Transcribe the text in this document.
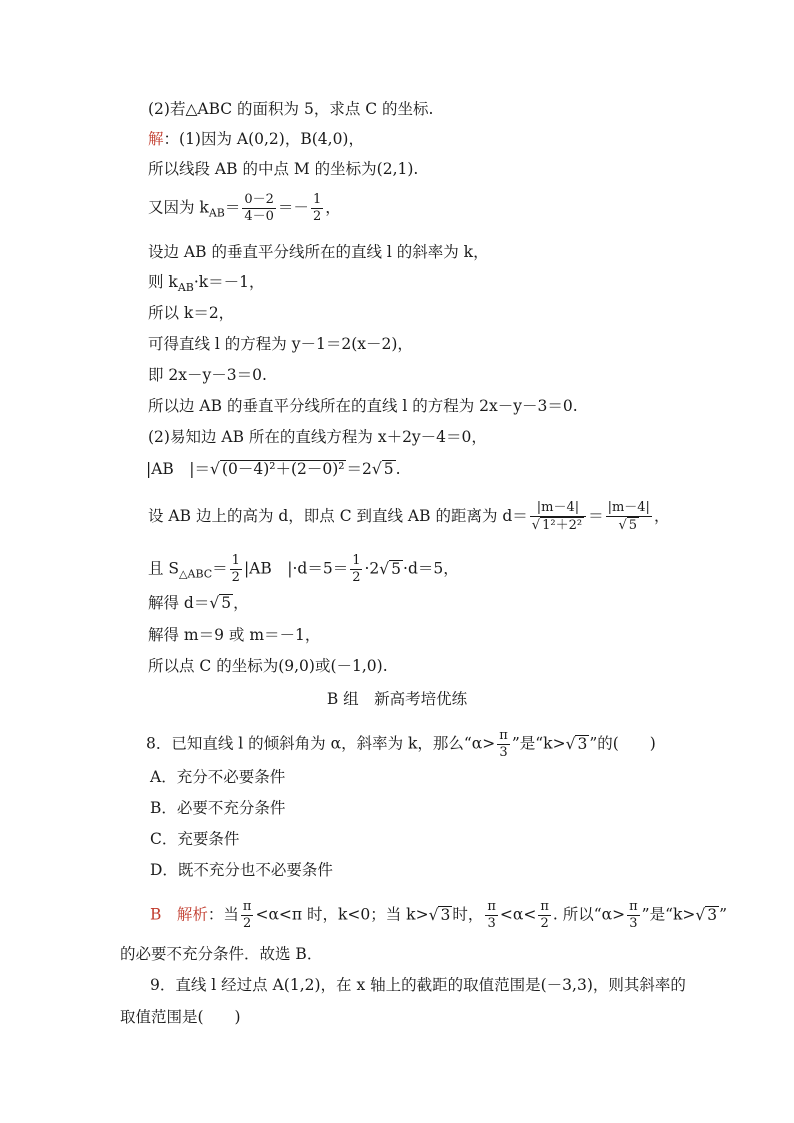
(2)若△ABC 的面积为 5，求点 C 的坐标.
解：(1)因为 A(0,2)，B(4,0)，
所以线段 AB 的中点 M 的坐标为(2,1).
又因为 $k_{AB}= \frac{0-2}{4-0} =- \frac{1}{2}$ ，
设边 AB 的垂直平分线所在的直线 l 的斜率为 k，
则 $k_{AB}\cdot k=-1$，
所以 k＝2，
可得直线 l 的方程为 y－1＝2(x－2)，
即 2x－y－3＝0.
所以边 AB 的垂直平分线所在的直线 l 的方程为 2x－y－3＝0.
(2)易知边 AB 所在的直线方程为 x＋2y－4＝0，
|AB　|＝√ (0－4)²＋(2－0)² ＝2√ 5 .
设 AB 边上的高为 d，即点 C 到直线 AB 的距离为 $d= \frac{|m-4|}{\text{√ 1²＋2²}} = \frac{|m-4|}{√ 5}$ ，
且 $S_{\triangle ABC}= \frac{1}{2} |AB$　$|\cdot d=5= \frac{1}{2} \cdot 2√$ 5 ·d＝5，
解得 d＝√ 5 ，
解得 m＝9 或 m＝－1，
所以点 C 的坐标为(9,0)或(－1,0).
B 组　新高考培优练
8．已知直线 l 的倾斜角为 α，斜率为 k，那么“$\alpha> \frac{\pi}{3}$ ”是“k>√ 3 ”的(　　)
A．充分不必要条件
B．必要不充分条件
C．充要条件
D．既不充分也不必要条件
B　解析：当 $\frac{\pi}{2} <\alpha<\pi$ 时，k<0；当 k>√ 3 时， $\frac{\pi}{3} <\alpha< \frac{\pi}{2}$ . 所以“$\alpha> \frac{\pi}{3}$ ”是“k>√ 3 ”
的必要不充分条件．故选 B．
9．直线 l 经过点 A(1,2)，在 x 轴上的截距的取值范围是(－3,3)，则其斜率的
取值范围是(　　)
